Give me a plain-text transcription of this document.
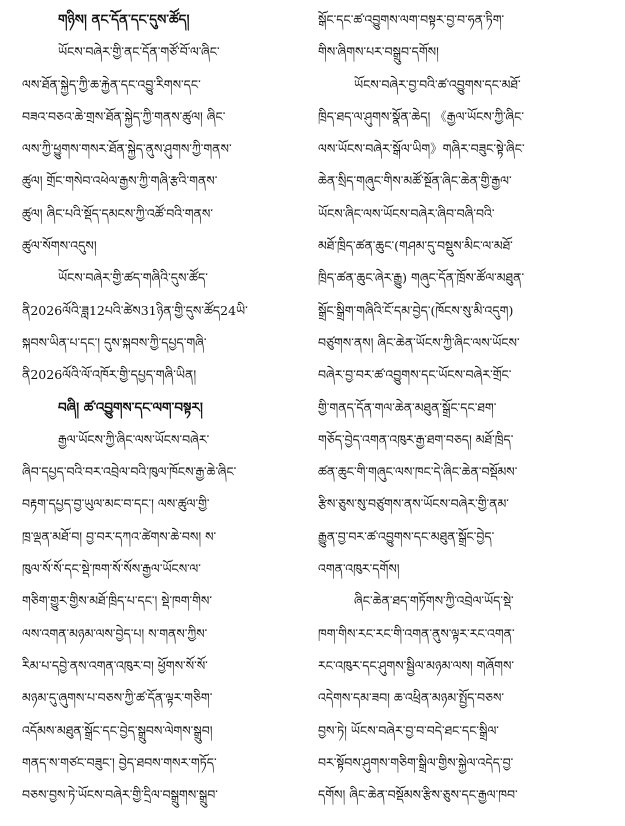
གཉིས། ནང་དོན་དང་དུས་ཚོད།
ཡོངས་བཞེར་གྱི་ནང་དོན་གཙོ་བོ་ལ་ཞིང་
ལས་ཐོན་སྐྱེད་ཀྱི་ཆ་རྐྱེན་དང་འབྱུ་རིགས་དང་
བཟའ་བཅའ་ཆེ་གྲས་ཐོན་སྐྱེད་ཀྱི་གནས་ཚུལ། ཞིང་
ལས་ཀྱི་ཕྱུགས་གསར་ཐོན་སྐྱེད་ནུས་ཤུགས་ཀྱི་གནས་
ཚུལ། གྲོང་གསེབ་འཕེལ་རྒྱས་ཀྱི་གཞི་རྩའི་གནས་
ཚུལ། ཞིང་པའི་སྡོད་དམངས་ཀྱི་འཚོ་བའི་གནས་
ཚུལ་སོགས་འདུས།
ཡོངས་བཞེར་གྱི་ཚད་གཞིའི་དུས་ཚོད་
ནི2026ལོའི་ཟླ12པའི་ཚེས31ཉིན་གྱི་དུས་ཚོད24ཡི་
སྐབས་ཡིན་པ་དང་། དུས་སྐབས་ཀྱི་དཔྱད་གཞི་
ནི2026ལོའི་ལོ་འཁོར་གྱི་དཔྱད་གཞི་ཡིན།
བཞི། ཚ་འབྱུགས་དང་ལག་བསྟར།
རྒྱལ་ཡོངས་ཀྱི་ཞིང་ལས་ཡོངས་བཞེར་
ཞིབ་དཔྱད་བའི་བར་འབྲེལ་བའི་ཁུལ་ཁོངས་རྒྱ་ཆེ་ཞིང་
བརྟག་དཔྱད་བྱ་ཡུལ་མང་བ་དང་། ལས་ཚུལ་གྱི་
ཁྲ་ལྡན་མཐོ་བ། བྱ་བར་དཀའ་ཚེགས་ཆེ་བས། ས་
ཁུལ་སོ་སོ་དང་སྡེ་ཁག་སོ་སོས་རྒྱལ་ཡོངས་ལ་
གཅིག་གྱུར་གྱིས་མཐོ་ཁྲིད་པ་དང་། སྡེ་ཁག་གིས་
ལས་འགན་མཉམ་ལས་བྱེད་པ། ས་གནས་ཀྱིས་
རིམ་པ་དབྱེ་ནས་འགན་འཁུར་བ། ཕྱོགས་སོ་སོ་
མཉམ་དུ་ཞུགས་པ་བཅས་ཀྱི་ཚ་དོན་ལྟར་གཅིག་
འདོམས་མཐུན་སྒྲོང་དང་བྱེད་སྒྲུབས་ལེགས་སྒྲུབ།
གནད་ས་གཙང་བཟུང་། བྱེད་ཐབས་གསར་གཏོད་
བཅས་བྱས་ཏེ་ཡོངས་བཞེར་གྱི་དྲིལ་བསྒྲུགས་སྒྲུབ་
སྒོང་དང་ཚ་འབྱུགས་ལག་བསྟར་བྱ་བ་ཧན་ཏིག་
གིས་ཞིགས་པར་བསྒྲུབ་དགོས།
ཡོངས་བཞེར་བྱ་བའི་ཚ་འབྱུགས་དང་མཐོ་
ཁྲིད་ཐད་ལ་ཤུགས་སྣོན་ཆེད། 《རྒྱལ་ཡོངས་ཀྱི་ཞིང་
ལས་ཡོངས་བཞེར་སྒོལ་ཡིག》གཞིར་བཟུང་སྟེ་ཞིང་
ཆེན་སྲིད་གཞུང་གིས་མཚོ་སྔོན་ཞིང་ཆེན་གྱི་རྒྱལ་
ཡོངས་ཞིང་ལས་ཡོངས་བཞེར་ཞིབ་བཞི་བའི་
མཐོ་ཁྲིད་ཚན་ཆུང་(གཤམ་དུ་བསྡུས་མིང་ལ་མཐོ་
ཁྲིད་ཚན་ཆུང་ཞེར་རྒྱུ) གཞུང་དོན་ཁྲོས་ཚོལ་མཐུན་
སྒྲོང་སྒྲིག་གཞིའི་ངོ་དམ་བྱེད་(ཁོངས་སུ་མི་འདུག)
བཙུགས་ནས། ཞིང་ཆེན་ཡོངས་ཀྱི་ཞིང་ལས་ཡོངས་
བཞེར་བྱ་བར་ཚ་འབྱུགས་དང་ཡོངས་བཞེར་གྲོང་
གྱི་གནད་དོན་གལ་ཆེན་མཐུན་སྒྲོང་དང་ཐག་
གཅོད་བྱེད་འགན་འཁུར་རྒྱ་ཐག་བཅད། མཐོ་ཁྲིད་
ཚན་ཆུང་གི་གཞུང་ལས་ཁང་དེ་ཞིང་ཆེན་བསྡོམས་
རྩིས་ཅུས་སུ་བཙུགས་ནས་ཡོངས་བཞེར་གྱི་ནམ་
རྒྱུན་བྱ་བར་ཚ་འབྱུགས་དང་མཐུན་སྒྲོང་བྱེད་
འགན་འཁུར་དགོས།
ཞིང་ཆེན་ཐད་གཏོགས་ཀྱི་འབྲེལ་ཡོད་སྡེ་
ཁག་གིས་རང་རང་གི་འགན་ནུས་ལྟར་རང་འགན་
རང་འཁུར་དང་ཤུགས་སྦྱིལ་མཉམ་ལས། གཞོགས་
འདེགས་དམ་ཟབ། ཆ་འཕྲིན་མཉམ་སྤྱོད་བཅས་
བྱས་ཏེ། ཡོངས་བཞེར་བྱ་བ་བདེ་ཐང་དང་སྒྲིལ་
བར་སྟོབས་ཤུགས་གཅིག་སྒྲིལ་གྱིས་སྐྱེལ་འདེད་བྱ་
དགོས། ཞིང་ཆེན་བསྡོམས་རྩིས་ཅུས་དང་རྒྱལ་ཁབ་
